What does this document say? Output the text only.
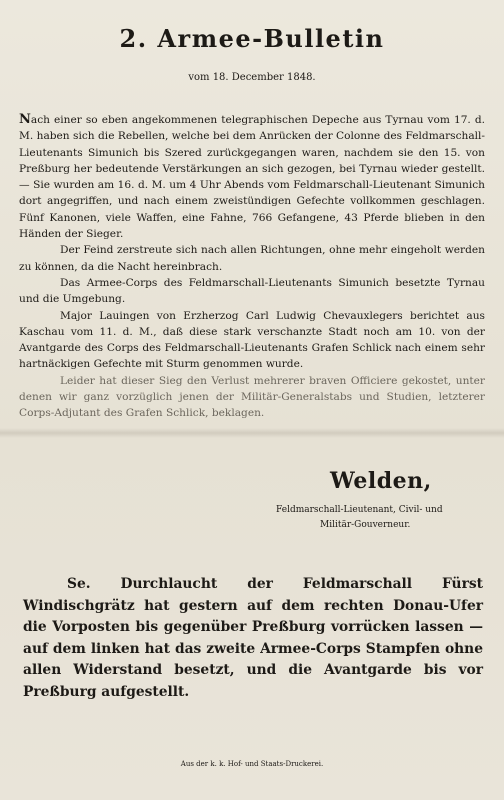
2. Armee-Bulletin
vom 18. December 1848.

Nach einer so eben angekommenen telegraphischen Depeche aus Tyrnau vom 17. d. M. haben sich die Rebellen, welche bei dem Anrücken der Colonne des Feldmarschall-Lieutenants Simunich bis Szered zurückgegangen waren, nachdem sie den 15. von Preßburg her bedeutende Verstärkungen an sich gezogen, bei Tyrnau wieder gestellt. — Sie wurden am 16. d. M. um 4 Uhr Abends vom Feldmarschall-Lieutenant Simunich dort angegriffen, und nach einem zweistündigen Gefechte vollkommen geschlagen. Fünf Kanonen, viele Waffen, eine Fahne, 766 Gefangene, 43 Pferde blieben in den Händen der Sieger.

Der Feind zerstreute sich nach allen Richtungen, ohne mehr eingeholt werden zu können, da die Nacht hereinbrach.

Das Armee-Corps des Feldmarschall-Lieutenants Simunich besetzte Tyrnau und die Umgebung.

Major Lauingen von Erzherzog Carl Ludwig Chevauxlegers berichtet aus Kaschau vom 11. d. M., daß diese stark verschanzte Stadt noch am 10. von der Avantgarde des Corps des Feldmarschall-Lieutenants Grafen Schlick nach einem sehr hartnäckigen Gefechte mit Sturm genommen wurde.

Leider hat dieser Sieg den Verlust mehrerer braven Officiere gekostet, unter denen wir ganz vorzüglich jenen der Militär-Generalstabs und Studien, letzterer Corps-Adjutant des Grafen Schlick, beklagen.

Welden,
Feldmarschall-Lieutenant, Civil- und
Militär-Gouverneur.
Se. Durchlaucht der Feldmarschall Fürst Windischgrätz hat gestern auf dem rechten Donau-Ufer die Vorposten bis gegenüber Preßburg vorrücken lassen — auf dem linken hat das zweite Armee-Corps Stampfen ohne allen Widerstand besetzt, und die Avantgarde bis vor Preßburg aufgestellt.
Aus der k. k. Hof- und Staats-Druckerei.
